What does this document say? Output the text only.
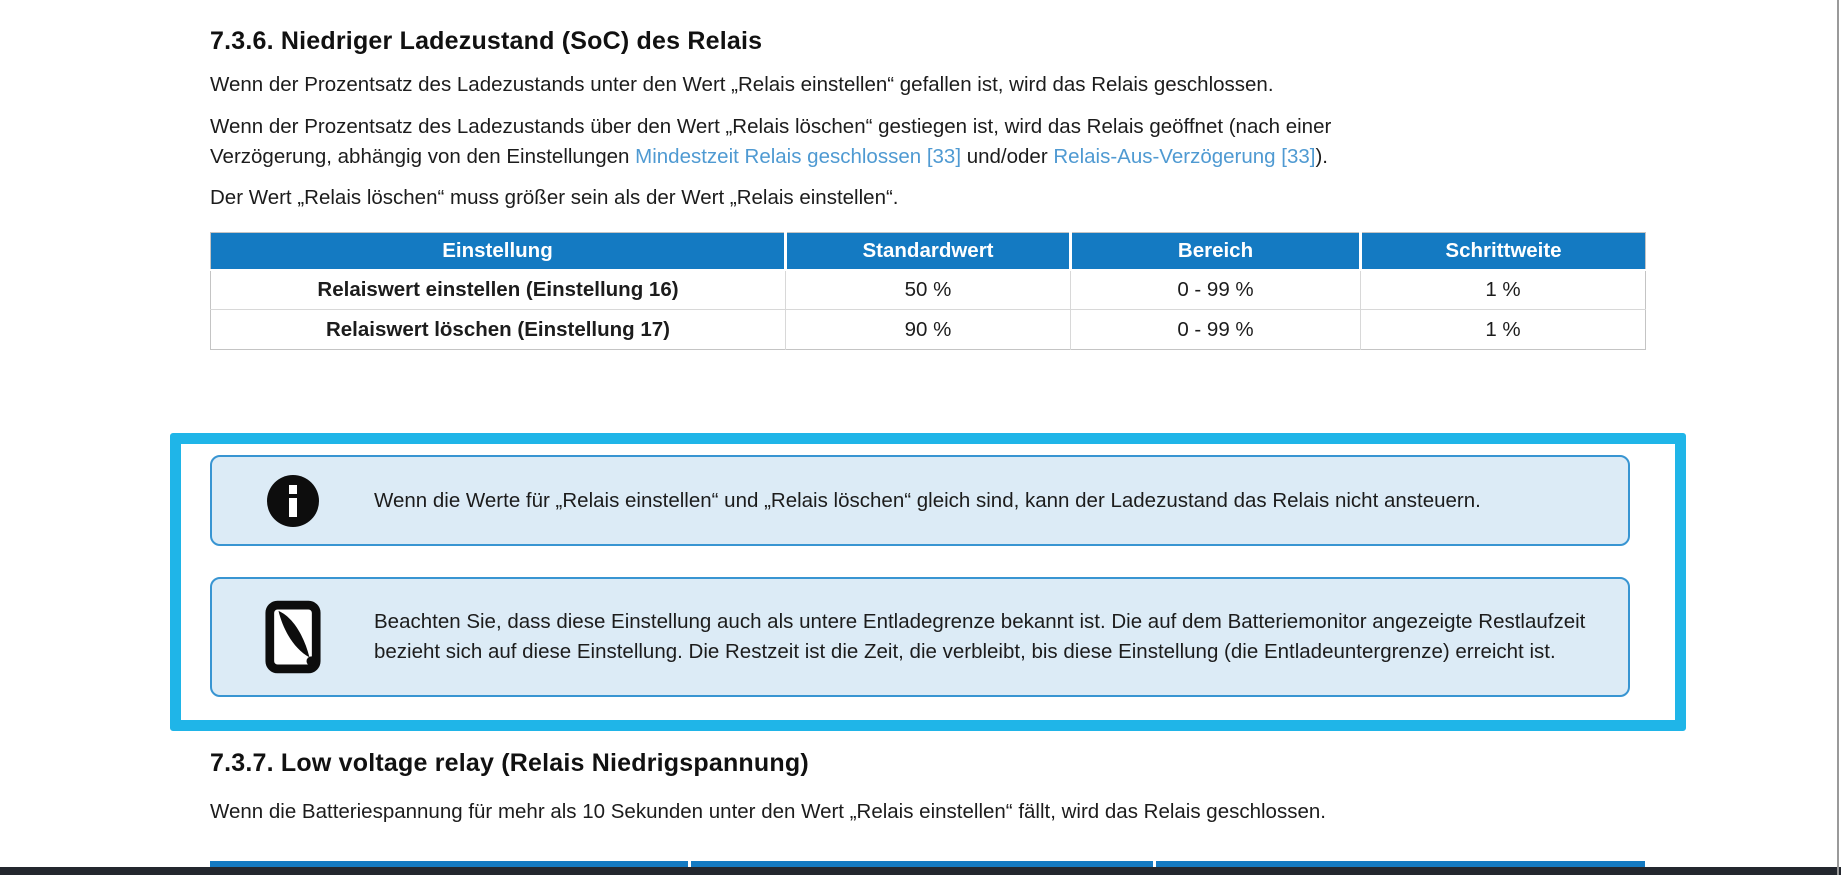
7.3.6. Niedriger Ladezustand (SoC) des Relais

Wenn der Prozentsatz des Ladezustands unter den Wert „Relais einstellen“ gefallen ist, wird das Relais geschlossen.

Wenn der Prozentsatz des Ladezustands über den Wert „Relais löschen“ gestiegen ist, wird das Relais geöffnet (nach einer
Verzögerung, abhängig von den Einstellungen Mindestzeit Relais geschlossen [33] und/oder Relais-Aus-Verzögerung [33]).

Der Wert „Relais löschen“ muss größer sein als der Wert „Relais einstellen“.

Einstellung	Standardwert	Bereich	Schrittweite
Relaiswert einstellen (Einstellung 16)	50 %	0 - 99 %	1 %
Relaiswert löschen (Einstellung 17)	90 %	0 - 99 %	1 %
Wenn die Werte für „Relais einstellen“ und „Relais löschen“ gleich sind, kann der Ladezustand das Relais nicht ansteuern.
Beachten Sie, dass diese Einstellung auch als untere Entladegrenze bekannt ist. Die auf dem Batteriemonitor angezeigte Restlaufzeit bezieht sich auf diese Einstellung. Die Restzeit ist die Zeit, die verbleibt, bis diese Einstellung (die Entladeuntergrenze) erreicht ist.
7.3.7. Low voltage relay (Relais Niedrigspannung)

Wenn die Batteriespannung für mehr als 10 Sekunden unter den Wert „Relais einstellen“ fällt, wird das Relais geschlossen.
